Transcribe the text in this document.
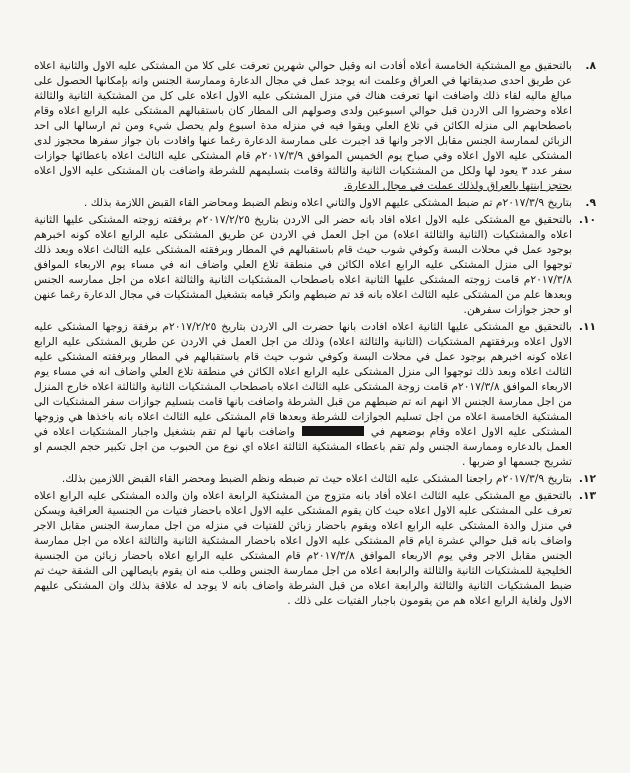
٨.
بالتحقيق مع المشتكية الخامسة أعلاه أفادت انه وقبل حوالي شهرين تعرفت على كلا من المشتكى عليه الاول والثانية اعلاه عن طريق احدى صديقاتها في العراق وعلمت انه يوجد عمل في مجال الدعارة وممارسة الجنس وانه بإمكانها الحصول على مبالغ ماليه لقاء ذلك واضافت انها تعرفت هناك في منزل المشتكى عليه الاول اعلاه على كل من المشتكية الثانية والثالثة اعلاه وحضروا الى الاردن قبل حوالي اسبوعين ولدى وصولهم الى المطار كان باستقبالهم المشتكى عليه الرابع اعلاه وقام باصطحابهم الى منزله الكائن في تلاع العلي ويقوا فيه في منزله مدة اسبوع ولم يحصل شيء ومن ثم ارسالها الى احد الزبائن لممارسة الجنس مقابل الاجر وانها قد اجبرت على ممارسة الدعارة رغما عنها وافادت بان جواز سفرها محجوز لدى المشتكى عليه الاول اعلاه وفي صباح يوم الخميس الموافق ٢٠١٧/٣/٩م قام المشتكى عليه الثالث اعلاه باعطائها جوازات سفر عدد ٣ يعود لها ولكل من المشتكيات الثانية والثالثة وقامت بتسليمهم للشرطة واضافت بان المشتكى عليه الاول اعلاه يحتجز ابنتها بالعراق ولذلك عملت في مجال الدعارة.
٩.
بتاريخ ٢٠١٧/٣/٩م تم ضبط المشتكى عليهم الاول والثاني اعلاه ونظم الضبط ومحاضر القاء القبض اللازمة بذلك .
١٠.
بالتحقيق مع المشتكى عليه الاول اعلاه افاد بانه حضر الى الاردن بتاريخ ٢٠١٧/٢/٢٥م برفقته زوجته المشتكى عليها الثانية اعلاه والمشتكيات (الثانية والثالثة اعلاه) من اجل العمل في الاردن عن طريق المشتكى عليه الرابع اعلاه كونه اخبرهم بوجود عمل في محلات البسة وكوفي شوب حيث قام باستقبالهم في المطار وبرفقته المشتكى عليه الثالث اعلاه وبعد ذلك توجهوا الى منزل المشتكى عليه الرابع اعلاه الكائن في منطقة تلاع العلي واضاف انه في مساء يوم الاربعاء الموافق ٢٠١٧/٣/٨م قامت زوجته المشتكى عليها الثانية اعلاه باصطحاب المشتكيات الثانية والثالثة اعلاه من اجل ممارسه الجنس وبعدها علم من المشتكى عليه الثالث اعلاه بانه قد تم ضبطهم وانكر قيامه بتشغيل المشتكيات في مجال الدعارة رغما عنهن او حجز جوازات سفرهن.
١١.
بالتحقيق مع المشتكى عليها الثانية اعلاه افادت بانها حضرت الى الاردن بتاريخ ٢٠١٧/٢/٢٥م برفقة زوجها المشتكى عليه الاول اعلاه وبرفقتهم المشتكيات (الثانية والثالثة اعلاه) وذلك من اجل العمل في الاردن عن طريق المشتكى عليه الرابع اعلاه كونه اخبرهم بوجود عمل في محلات البسة وكوفي شوب حيث قام باستقبالهم في المطار وبرفقته المشتكى عليه الثالث اعلاه وبعد ذلك توجهوا الى منزل المشتكى عليه الرابع اعلاه الكائن في منطقة تلاع العلي واضاف انه في مساء يوم الاربعاء الموافق ٢٠١٧/٣/٨م قامت زوجة المشتكى عليه الثالث اعلاه باصطحاب المشتكيات الثانية والثالثة اعلاه خارج المنزل من اجل ممارسة الجنس الا انهم انه تم ضبطهم من قبل الشرطة واضافت بانها قامت بتسليم جوازات سفر المشتكيات الى المشتكية الخامسة اعلاه من اجل تسليم الجوازات للشرطة وبعدها قام المشتكى عليه الثالث اعلاه بانه باخذها هي وزوجها المشتكى عليه الاول اعلاه وقام بوضعهم في  واضافت بانها لم تقم بتشغيل واجبار المشتكيات اعلاه في العمل بالدعاره وممارسة الجنس ولم تقم باعطاء المشتكية الثالثة اعلاه اي نوع من الحبوب من اجل تكبير حجم الجسم او تشريح جسمها او ضربها .
١٢.
بتاريخ ٢٠١٧/٣/٩م راجعنا المشتكى عليه الثالث اعلاه حيث تم ضبطه ونظم الضبط ومحضر القاء القبض اللازمين بذلك.
١٣.
بالتحقيق مع المشتكى عليه الثالث اعلاه أفاد بانه متزوج من المشتكية الرابعة اعلاه وان والده المشتكى عليه الرابع اعلاه تعرف على المشتكى عليه الاول اعلاه حيث كان يقوم المشتكى عليه الاول اعلاه باحضار فتيات من الجنسية العراقية ويسكن في منزل والدة المشتكى عليه الرابع اعلاه ويقوم باحضار زبائن للفتيات في منزله من اجل ممارسة الجنس مقابل الاجر واضاف بانه قبل حوالي عشرة ايام قام المشتكى عليه الاول اعلاه باحضار المشتكية الثانية والثالثة اعلاه من اجل ممارسة الجنس مقابل الاجر وفي يوم الاربعاء الموافق ٢٠١٧/٣/٨م قام المشتكى عليه الرابع اعلاه باحضار زبائن من الجنسية الخليجية للمشتكيات الثانية والثالثة والرابعة اعلاه من اجل ممارسة الجنس وطلب منه ان يقوم بايصالهن الى الشقة حيث تم ضبط المشتكيات الثانية والثالثة والرابعة اعلاه من قبل الشرطة واضاف بانه لا يوجد له علاقة بذلك وان المشتكى عليهم الاول ولغاية الرابع اعلاه هم من يقومون باجبار الفتيات على ذلك .
